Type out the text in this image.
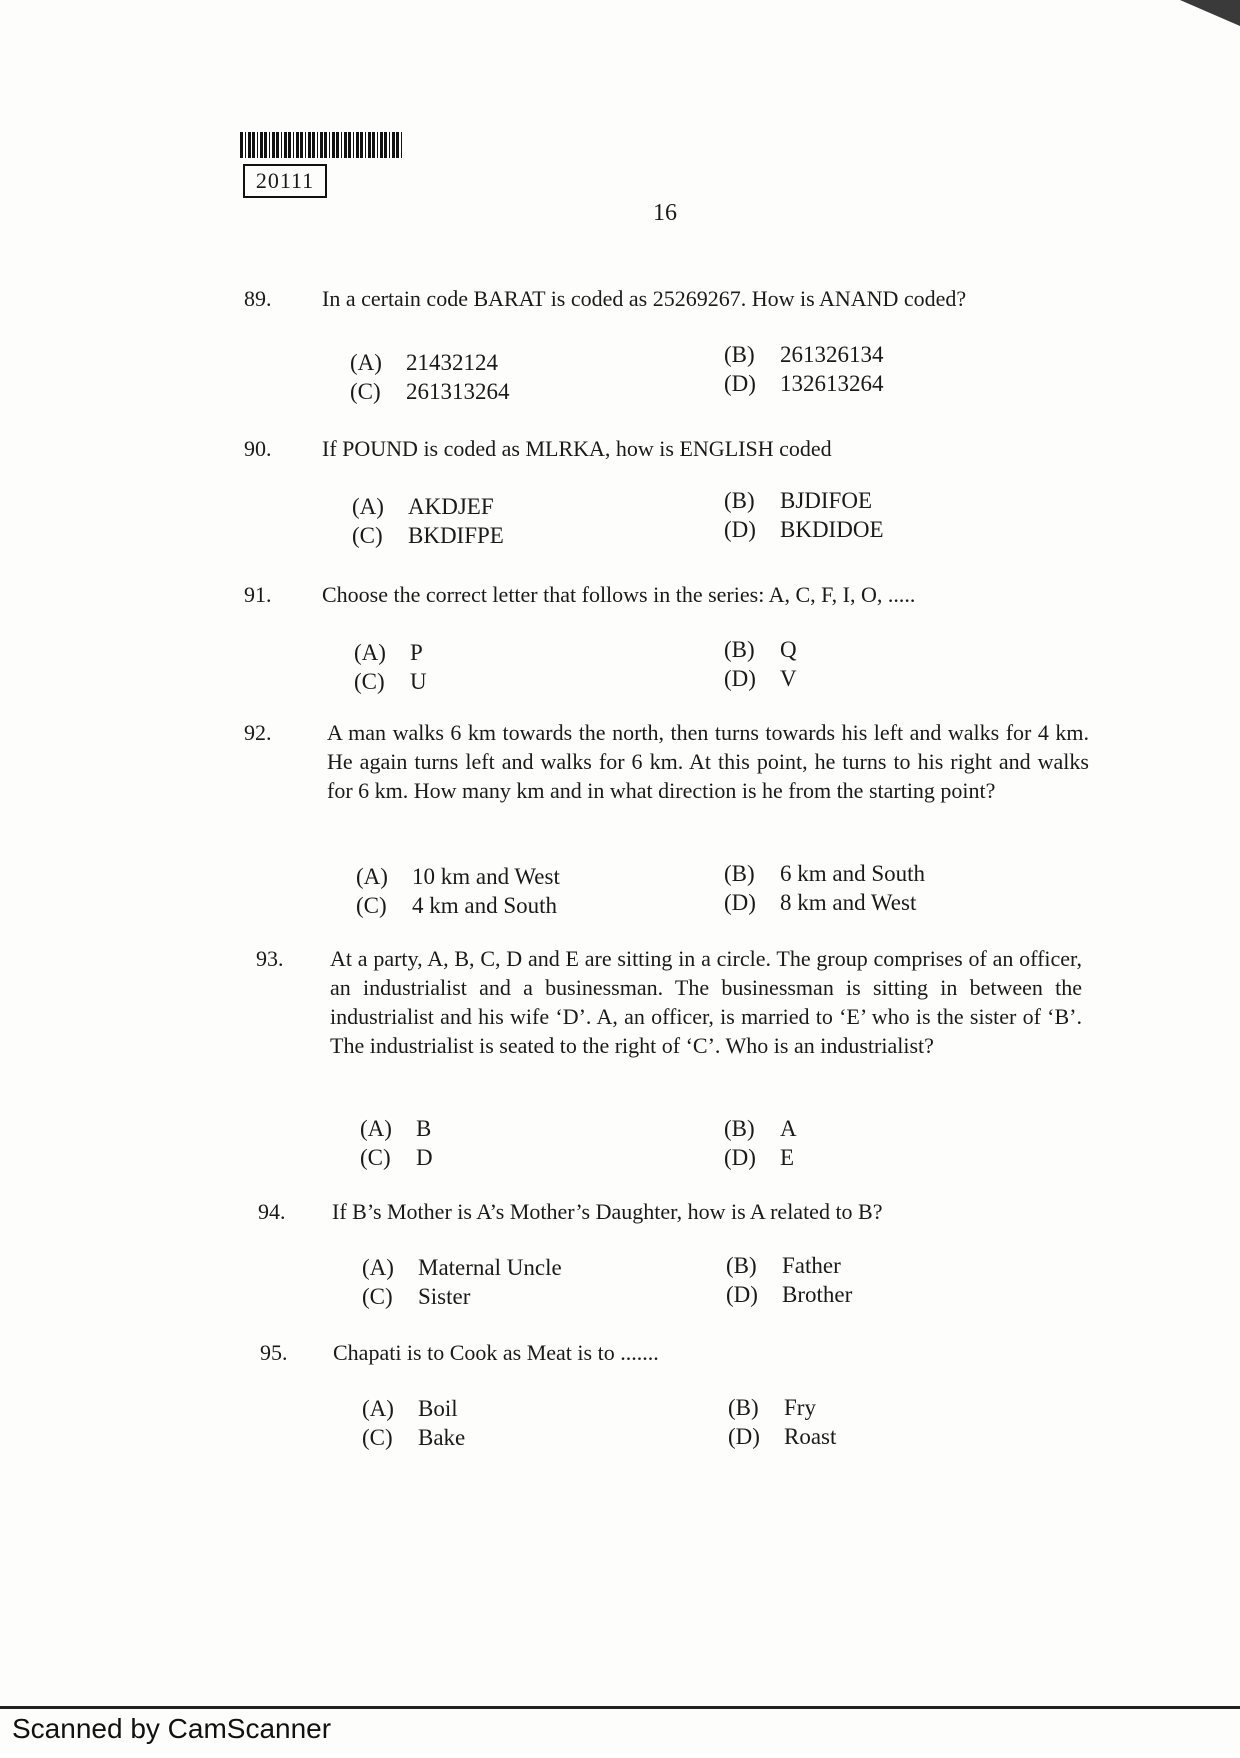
20111
16
89. In a certain code BARAT is coded as 25269267. How is ANAND coded?
(A) 21432124	(B) 261326134
(C) 261313264	(D) 132613264
90. If POUND is coded as MLRKA, how is ENGLISH coded
(A) AKDJEF	(B) BJDIFOE
(C) BKDIFPE	(D) BKDIDOE
91. Choose the correct letter that follows in the series: A, C, F, I, O, .....
(A) P	(B) Q
(C) U	(D) V
92.	A man walks 6 km towards the north, then turns towards his left and walks for 4 km. He again turns left and walks for 6 km. At this point, he turns to his right and walks for 6 km. How many km and in what direction is he from the starting point?
(A) 10 km and West	(B) 6 km and South
(C) 4 km and South	(D) 8 km and West
93. At a party, A, B, C, D and E are sitting in a circle. The group comprises of an officer, an industrialist and a businessman. The businessman is sitting in between the industrialist and his wife ‘D’. A, an officer, is married to ‘E’ who is the sister of ‘B’. The industrialist is seated to the right of ‘C’. Who is an industrialist?
(A) B	(B) A
(C) D	(D) E
94. If B’s Mother is A’s Mother’s Daughter, how is A related to B?
(A) Maternal Uncle	(B) Father
(C) Sister	(D) Brother
95. Chapati is to Cook as Meat is to .......
(A) Boil	(B) Fry
(C) Bake	(D) Roast
Scanned by CamScanner
